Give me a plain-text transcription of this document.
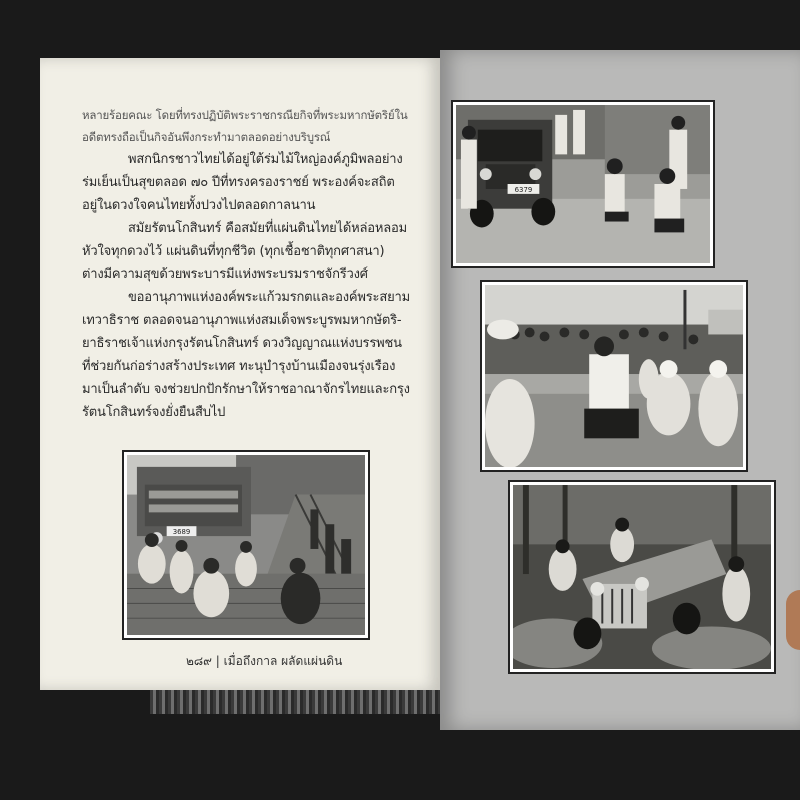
หลายร้อยคณะ โดยที่ทรงปฏิบัติพระราชกรณียกิจที่พระมหากษัตริย์ใน
อดีตทรงถือเป็นกิจอันพึงกระทำมาตลอดอย่างบริบูรณ์
พสกนิกรชาวไทยได้อยู่ใต้ร่มไม้ใหญ่องค์ภูมิพลอย่าง
ร่มเย็นเป็นสุขตลอด ๗๐ ปีที่ทรงครองราชย์ พระองค์จะสถิต
อยู่ในดวงใจคนไทยทั้งปวงไปตลอดกาลนาน
สมัยรัตนโกสินทร์ คือสมัยที่แผ่นดินไทยได้หล่อหลอม
หัวใจทุกดวงไว้ แผ่นดินที่ทุกชีวิต (ทุกเชื้อชาติทุกศาสนา)
ต่างมีความสุขด้วยพระบารมีแห่งพระบรมราชจักรีวงศ์
ขออานุภาพแห่งองค์พระแก้วมรกตและองค์พระสยาม
เทวาธิราช ตลอดจนอานุภาพแห่งสมเด็จพระบูรพมหากษัตริ-
ยาธิราชเจ้าแห่งกรุงรัตนโกสินทร์ ดวงวิญญาณแห่งบรรพชน
ที่ช่วยกันก่อร่างสร้างประเทศ ทะนุบำรุงบ้านเมืองจนรุ่งเรือง
มาเป็นลำดับ จงช่วยปกปักรักษาให้ราชอาณาจักรไทยและกรุง
รัตนโกสินทร์จงยั่งยืนสืบไป
3689
๒๘๙ | เมื่อถึงกาล ผลัดแผ่นดิน
6379
